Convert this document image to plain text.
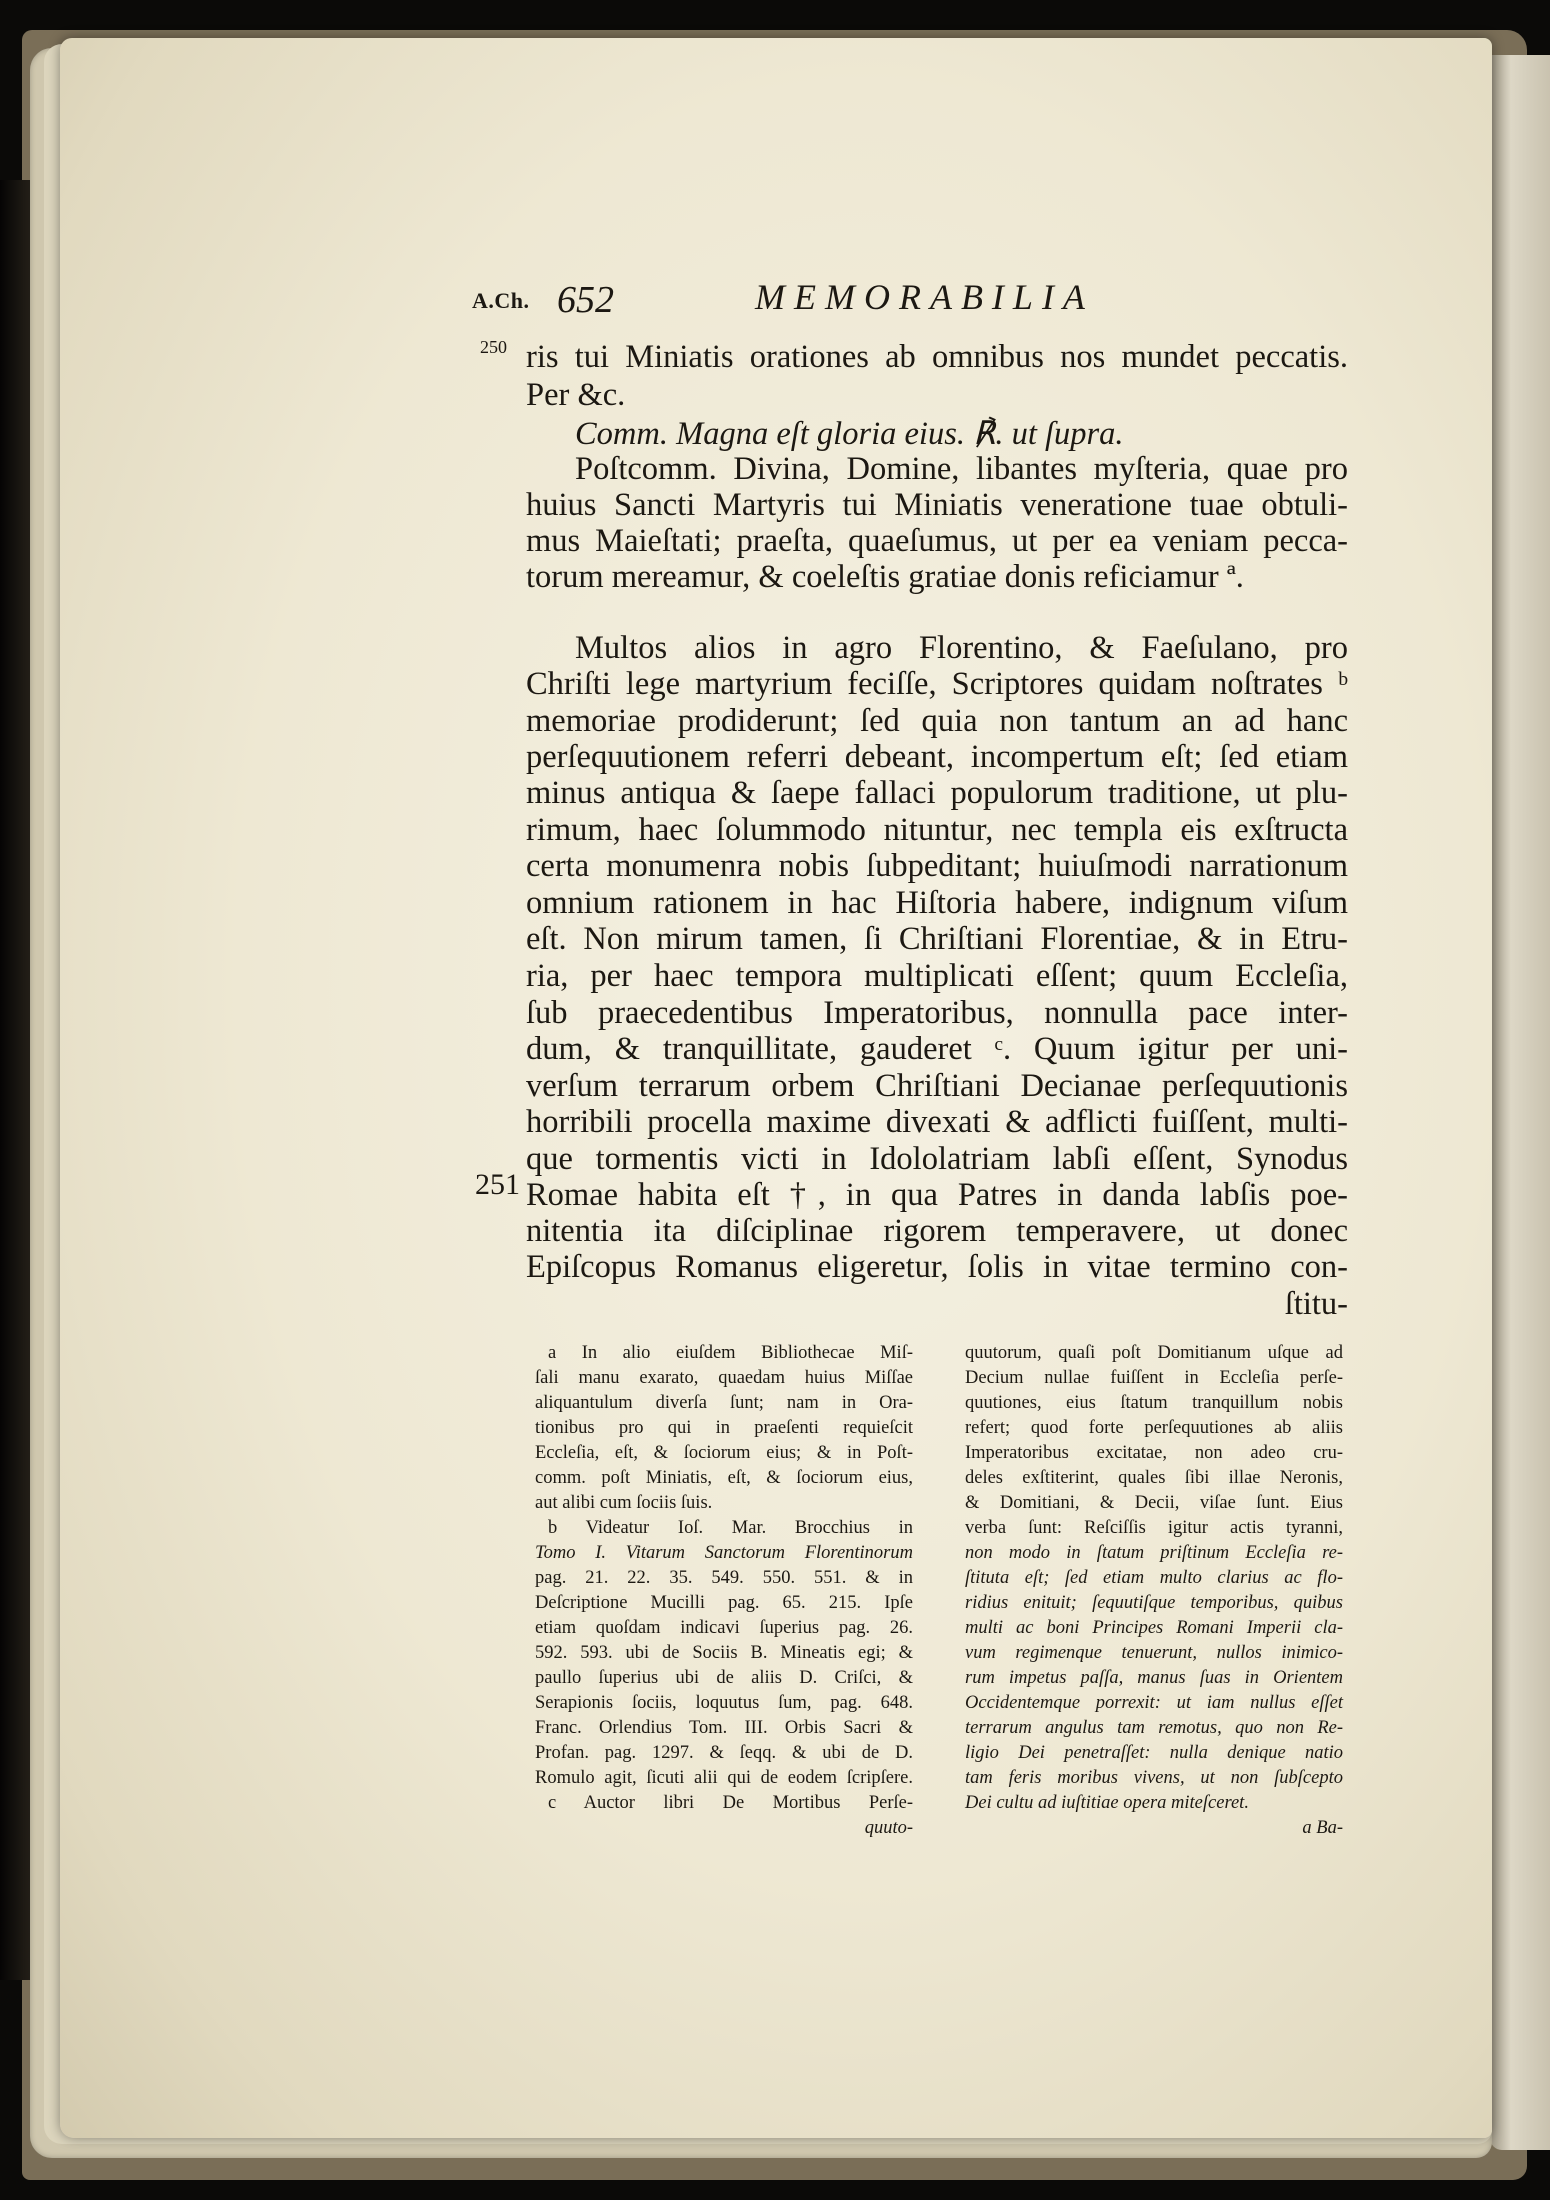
A.Ch. 652	MEMORABILIA
250
251
ris tui Miniatis orationes ab omnibus nos mundet peccatis.
Per &c.
Comm. Magna eſt gloria eius. ℟. ut ſupra.
Poſtcomm. Divina, Domine, libantes myſteria, quae pro
huius Sancti Martyris tui Miniatis veneratione tuae obtuli-
mus Maieſtati; praeſta, quaeſumus, ut per ea veniam pecca-
torum mereamur, & coeleſtis gratiae donis reficiamur ª.
Multos alios in agro Florentino, & Faeſulano, pro
Chriſti lege martyrium feciſſe, Scriptores quidam noſtrates ᵇ
memoriae prodiderunt; ſed quia non tantum an ad hanc
perſequutionem referri debeant, incompertum eſt; ſed etiam
minus antiqua & ſaepe fallaci populorum traditione, ut plu-
rimum, haec ſolummodo nituntur, nec templa eis exſtructa
certa monumenra nobis ſubpeditant; huiuſmodi narrationum
omnium rationem in hac Hiſtoria habere, indignum viſum
eſt. Non mirum tamen, ſi Chriſtiani Florentiae, & in Etru-
ria, per haec tempora multiplicati eſſent; quum Eccleſia,
ſub praecedentibus Imperatoribus, nonnulla pace inter-
dum, & tranquillitate, gauderet ᶜ. Quum igitur per uni-
verſum terrarum orbem Chriſtiani Decianae perſequutionis
horribili procella maxime divexati & adflicti fuiſſent, multi-
que tormentis victi in Idololatriam labſi eſſent, Synodus
Romae habita eſt †, in qua Patres in danda labſis poe-
nitentia ita diſciplinae rigorem temperavere, ut donec
Epiſcopus Romanus eligeretur, ſolis in vitae termino con-
ſtitu-
a In alio eiuſdem Bibliothecae Miſ-
ſali manu exarato, quaedam huius Miſſae
aliquantulum diverſa ſunt; nam in Ora-
tionibus pro qui in praeſenti requieſcit
Eccleſia, eſt, & ſociorum eius; & in Poſt-
comm. poſt Miniatis, eſt, & ſociorum eius,
aut alibi cum ſociis ſuis.
b Videatur Ioſ. Mar. Brocchius in
Tomo I. Vitarum Sanctorum Florentinorum
pag. 21. 22. 35. 549. 550. 551. & in
Deſcriptione Mucilli pag. 65. 215. Ipſe
etiam quoſdam indicavi ſuperius pag. 26.
592. 593. ubi de Sociis B. Mineatis egi; &
paullo ſuperius ubi de aliis D. Criſci, &
Serapionis ſociis, loquutus ſum, pag. 648.
Franc. Orlendius Tom. III. Orbis Sacri &
Profan. pag. 1297. & ſeqq. & ubi de D.
Romulo agit, ſicuti alii qui de eodem ſcripſere.
c Auctor libri De Mortibus Perſe-
quuto-
quutorum, quaſi poſt Domitianum uſque ad
Decium nullae fuiſſent in Eccleſia perſe-
quutiones, eius ſtatum tranquillum nobis
refert; quod forte perſequutiones ab aliis
Imperatoribus excitatae, non adeo cru-
deles exſtiterint, quales ſibi illae Neronis,
& Domitiani, & Decii, viſae ſunt. Eius
verba ſunt: Reſciſſis igitur actis tyranni,
non modo in ſtatum priſtinum Eccleſia re-
ſtituta eſt; ſed etiam multo clarius ac flo-
ridius enituit; ſequutiſque temporibus, quibus
multi ac boni Principes Romani Imperii cla-
vum regimenque tenuerunt, nullos inimico-
rum impetus paſſa, manus ſuas in Orientem
Occidentemque porrexit: ut iam nullus eſſet
terrarum angulus tam remotus, quo non Re-
ligio Dei penetraſſet: nulla denique natio
tam feris moribus vivens, ut non ſubſcepto
Dei cultu ad iuſtitiae opera miteſceret.
a Ba-
